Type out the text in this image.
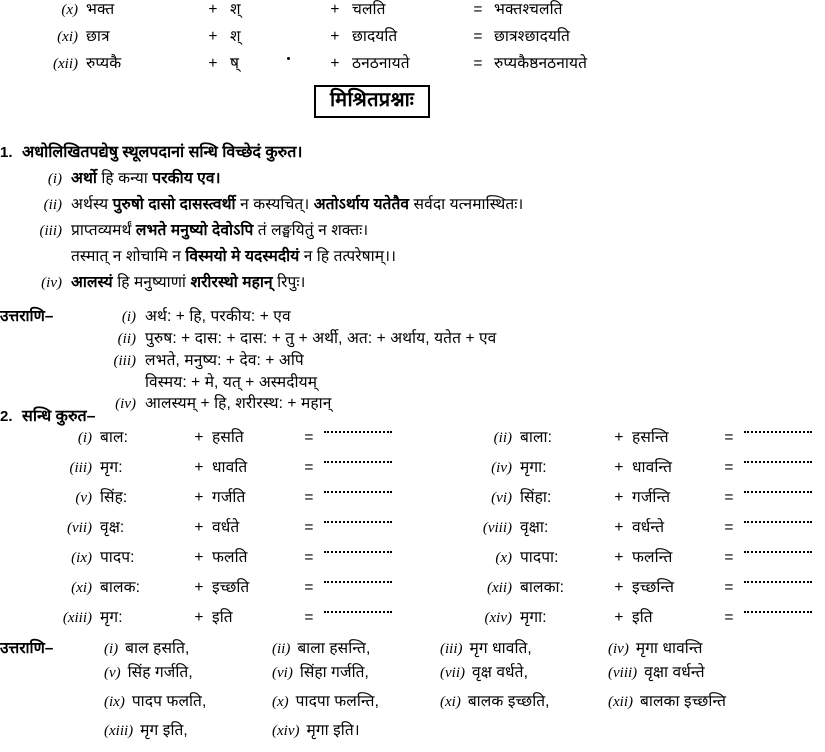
(x) भक्त	+ श्	+ चलति	= भक्तश्चलति
(xi) छात्र	+ श्	+ छादयति	= छात्रश्छादयति
(xii) रुप्यकै	+ ष्	+ ठनठनायते	= रुप्यकैष्ठनठनायते
मिश्रितप्रश्नाः
1. अधोलिखितपद्येषु स्थूलपदानां सन्धि विच्छेदं कुरुत।
(i) अर्थो हि कन्या परकीय एव।
(ii) अर्थस्य पुरुषो दासो दासस्त्वर्थी न कस्यचित्। अतोऽर्थाय यतेतैव सर्वदा यत्नमास्थितः।
(iii) प्राप्तव्यमर्थं लभते मनुष्यो देवोऽपि तं लङ्घयितुं न शक्तः।
तस्मात् न शोचामि न विस्मयो मे यदस्मदीयं न हि तत्परेषाम्।।
(iv) आलस्यं हि मनुष्याणां शरीरस्थो महान् रिपुः।
उत्तराणि–	(i) अर्थ: + हि, परकीय: + एव
(ii) पुरुष: + दास: + दास: + तु + अर्थी, अत: + अर्थाय, यतेत + एव
(iii) लभते, मनुष्य: + देव: + अपि
विस्मय: + मे, यत् + अस्मदीयम्
(iv) आलस्यम् + हि, शरीरस्थ: + महान्
2. सन्धि कुरुत–
(i) बाल:	+ हसति	=	(ii) बाला:	+ हसन्ति	=
(iii) मृग:	+ धावति	=	(iv) मृगा:	+ धावन्ति	=
(v) सिंह:	+ गर्जति	=	(vi) सिंहा:	+ गर्जन्ति	=
(vii) वृक्ष:	+ वर्धते	=	(viii) वृक्षा:	+ वर्धन्ते	=
(ix) पादप:	+ फलति	=	(x) पादपा:	+ फलन्ति	=
(xi) बालक:	+ इच्छति	=	(xii) बालका:	+ इच्छन्ति	=
(xiii) मृग:	+ इति	=	(xiv) मृगा:	+ इति	=
उत्तराणि–	(i) बाल हसति,	(ii) बाला हसन्ति,	(iii) मृग धावति,	(iv) मृगा धावन्ति
(v) सिंह गर्जति,	(vi) सिंहा गर्जति,	(vii) वृक्ष वर्धते,	(viii) वृक्षा वर्धन्ते
(ix) पादप फलति,	(x) पादपा फलन्ति,	(xi) बालक इच्छति,	(xii) बालका इच्छन्ति
(xiii) मृग इति,	(xiv) मृगा इति।
